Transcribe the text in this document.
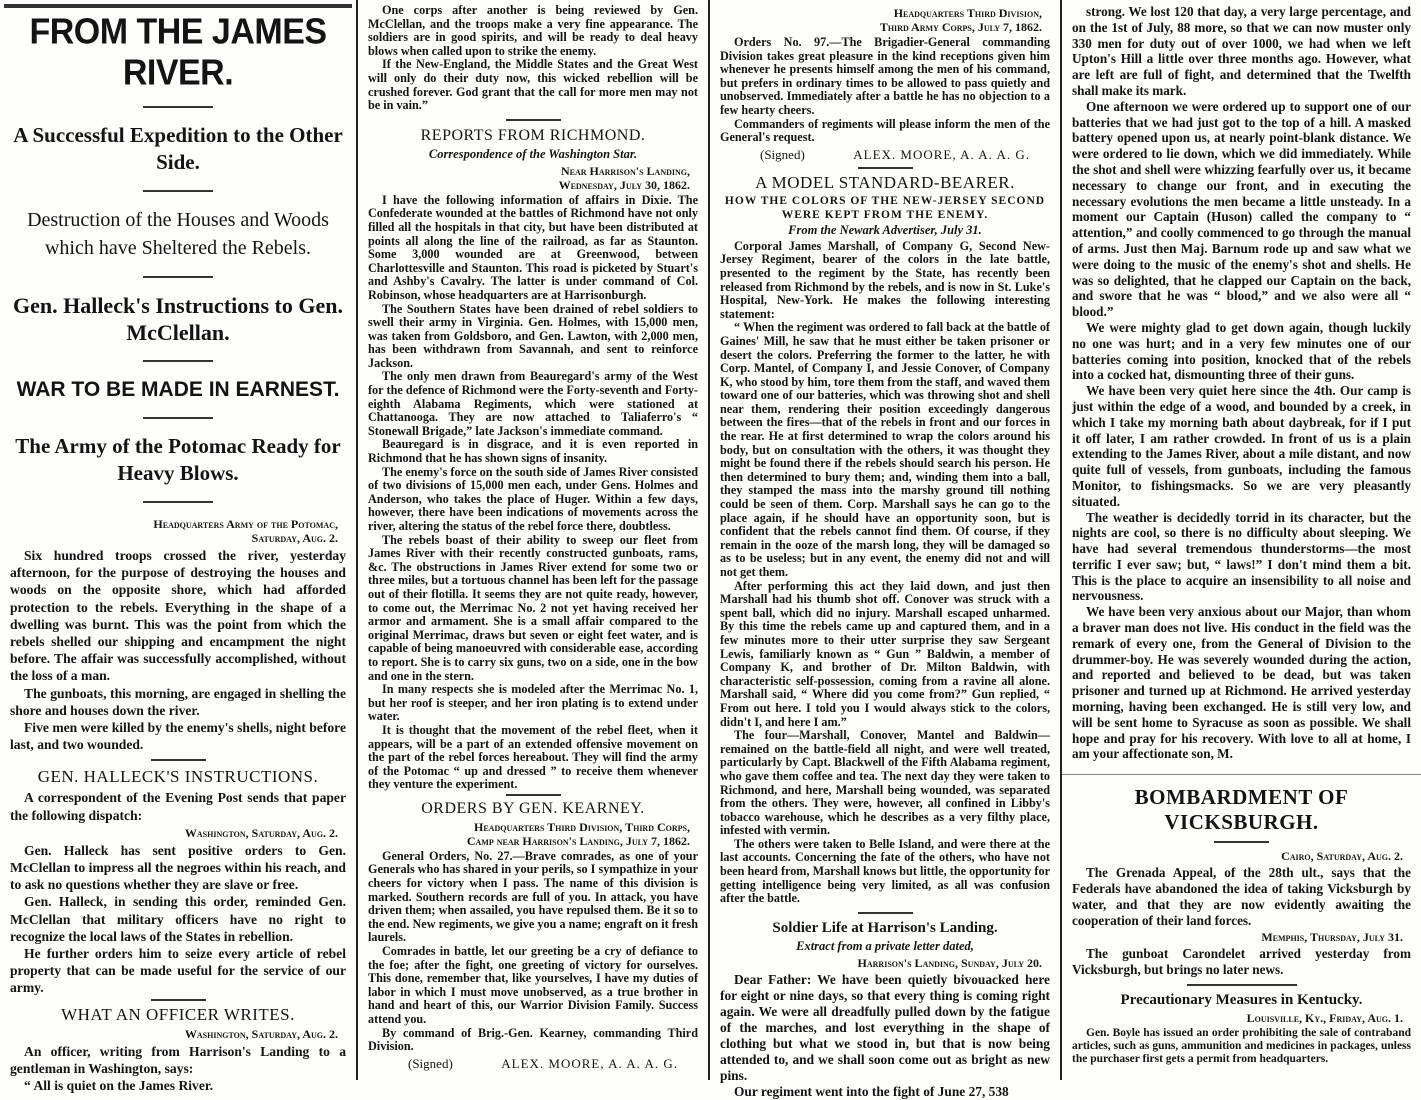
FROM THE JAMES RIVER.
A Successful Expedition to the Other Side.
Destruction of the Houses and Woods which have Sheltered the Rebels.
Gen. Halleck's Instructions to Gen. McClellan.
WAR TO BE MADE IN EARNEST.
The Army of the Potomac Ready for Heavy Blows.
Headquarters Army of the Potomac,
Saturday, Aug. 2.

Six hundred troops crossed the river, yesterday afternoon, for the purpose of destroying the houses and woods on the opposite shore, which had afforded protection to the rebels. Everything in the shape of a dwelling was burnt. This was the point from which the rebels shelled our shipping and encampment the night before. The affair was successfully accomplished, without the loss of a man.

The gunboats, this morning, are engaged in shelling the shore and houses down the river.

Five men were killed by the enemy's shells, night before last, and two wounded.

GEN. HALLECK'S INSTRUCTIONS.

A correspondent of the Evening Post sends that paper the following dispatch:

Washington, Saturday, Aug. 2.

Gen. Halleck has sent positive orders to Gen. McClellan to impress all the negroes within his reach, and to ask no questions whether they are slave or free.

Gen. Halleck, in sending this order, reminded Gen. McClellan that military officers have no right to recognize the local laws of the States in rebellion.

He further orders him to seize every article of rebel property that can be made useful for the service of our army.

WHAT AN OFFICER WRITES.
Washington, Saturday, Aug. 2.

An officer, writing from Harrison's Landing to a gentleman in Washington, says:

“ All is quiet on the James River.

One corps after another is being reviewed by Gen. McClellan, and the troops make a very fine appearance. The soldiers are in good spirits, and will be ready to deal heavy blows when called upon to strike the enemy.

If the New-England, the Middle States and the Great West will only do their duty now, this wicked rebellion will be crushed forever. God grant that the call for more men may not be in vain.”

REPORTS FROM RICHMOND.
Correspondence of the Washington Star.
Near Harrison's Landing,
Wednesday, July 30, 1862.

I have the following information of affairs in Dixie. The Confederate wounded at the battles of Richmond have not only filled all the hospitals in that city, but have been distributed at points all along the line of the railroad, as far as Staunton. Some 3,000 wounded are at Greenwood, between Charlottesville and Staunton. This road is picketed by Stuart's and Ashby's Cavalry. The latter is under command of Col. Robinson, whose headquarters are at Harrisonburgh.

The Southern States have been drained of rebel soldiers to swell their army in Virginia. Gen. Holmes, with 15,000 men, was taken from Goldsboro, and Gen. Lawton, with 2,000 men, has been withdrawn from Savannah, and sent to reinforce Jackson.

The only men drawn from Beauregard's army of the West for the defence of Richmond were the Forty-seventh and Forty-eighth Alabama Regiments, which were stationed at Chattanooga. They are now attached to Taliaferro's “ Stonewall Brigade,” late Jackson's immediate command.

Beauregard is in disgrace, and it is even reported in Richmond that he has shown signs of insanity.

The enemy's force on the south side of James River consisted of two divisions of 15,000 men each, under Gens. Holmes and Anderson, who takes the place of Huger. Within a few days, however, there have been indications of movements across the river, altering the status of the rebel force there, doubtless.

The rebels boast of their ability to sweep our fleet from James River with their recently constructed gunboats, rams, &c. The obstructions in James River extend for some two or three miles, but a tortuous channel has been left for the passage out of their flotilla. It seems they are not quite ready, however, to come out, the Merrimac No. 2 not yet having received her armor and armament. She is a small affair compared to the original Merrimac, draws but seven or eight feet water, and is capable of being manoeuvred with considerable ease, according to report. She is to carry six guns, two on a side, one in the bow and one in the stern.

In many respects she is modeled after the Merrimac No. 1, but her roof is steeper, and her iron plating is to extend under water.

It is thought that the movement of the rebel fleet, when it appears, will be a part of an extended offensive movement on the part of the rebel forces hereabout. They will find the army of the Potomac “ up and dressed ” to receive them whenever they venture the experiment.

ORDERS BY GEN. KEARNEY.
Headquarters Third Division, Third Corps,
Camp near Harrison's Landing, July 7, 1862.

General Orders, No. 27.—Brave comrades, as one of your Generals who has shared in your perils, so I sympathize in your cheers for victory when I pass. The name of this division is marked. Southern records are full of you. In attack, you have driven them; when assailed, you have repulsed them. Be it so to the end. New regiments, we give you a name; engraft on it fresh laurels.

Comrades in battle, let our greeting be a cry of defiance to the foe; after the fight, one greeting of victory for ourselves. This done, remember that, like yourselves, I have my duties of labor in which I must move unobserved, as a true brother in hand and heart of this, our Warrior Division Family. Success attend you.

By command of Brig.-Gen. Kearney, commanding Third Division.

(Signed)	ALEX. MOORE, A. A. A. G.
Headquarters Third Division,
Third Army Corps, July 7, 1862.

Orders No. 97.—The Brigadier-General commanding Division takes great pleasure in the kind receptions given him whenever he presents himself among the men of his command, but prefers in ordinary times to be allowed to pass quietly and unobserved. Immediately after a battle he has no objection to a few hearty cheers.

Commanders of regiments will please inform the men of the General's request.

(Signed)	ALEX. MOORE, A. A. A. G.
A MODEL STANDARD-BEARER.
HOW THE COLORS OF THE NEW-JERSEY SECOND
WERE KEPT FROM THE ENEMY.
From the Newark Advertiser, July 31.

Corporal James Marshall, of Company G, Second New-Jersey Regiment, bearer of the colors in the late battle, presented to the regiment by the State, has recently been released from Richmond by the rebels, and is now in St. Luke's Hospital, New-York. He makes the following interesting statement:

“ When the regiment was ordered to fall back at the battle of Gaines' Mill, he saw that he must either be taken prisoner or desert the colors. Preferring the former to the latter, he with Corp. Mantel, of Company I, and Jessie Conover, of Company K, who stood by him, tore them from the staff, and waved them toward one of our batteries, which was throwing shot and shell near them, rendering their position exceedingly dangerous between the fires—that of the rebels in front and our forces in the rear. He at first determined to wrap the colors around his body, but on consultation with the others, it was thought they might be found there if the rebels should search his person. He then determined to bury them; and, winding them into a ball, they stamped the mass into the marshy ground till nothing could be seen of them. Corp. Marshall says he can go to the place again, if he should have an opportunity soon, but is confident that the rebels cannot find them. Of course, if they remain in the ooze of the marsh long, they will be damaged so as to be useless; but in any event, the enemy did not and will not get them.

After performing this act they laid down, and just then Marshall had his thumb shot off. Conover was struck with a spent ball, which did no injury. Marshall escaped unharmed. By this time the rebels came up and captured them, and in a few minutes more to their utter surprise they saw Sergeant Lewis, familiarly known as “ Gun ” Baldwin, a member of Company K, and brother of Dr. Milton Baldwin, with characteristic self-possession, coming from a ravine all alone. Marshall said, “ Where did you come from?” Gun replied, “ From out here. I told you I would always stick to the colors, didn't I, and here I am.”

The four—Marshall, Conover, Mantel and Baldwin—remained on the battle-field all night, and were well treated, particularly by Capt. Blackwell of the Fifth Alabama regiment, who gave them coffee and tea. The next day they were taken to Richmond, and here, Marshall being wounded, was separated from the others. They were, however, all confined in Libby's tobacco warehouse, which he describes as a very filthy place, infested with vermin.

The others were taken to Belle Island, and were there at the last accounts. Concerning the fate of the others, who have not been heard from, Marshall knows but little, the opportunity for getting intelligence being very limited, as all was confusion after the battle.

Soldier Life at Harrison's Landing.
Extract from a private letter dated,
Harrison's Landing, Sunday, July 20.

Dear Father: We have been quietly bivouacked here for eight or nine days, so that every thing is coming right again. We were all dreadfully pulled down by the fatigue of the marches, and lost everything in the shape of clothing but what we stood in, but that is now being attended to, and we shall soon come out as bright as new pins.

Our regiment went into the fight of June 27, 538

strong. We lost 120 that day, a very large percentage, and on the 1st of July, 88 more, so that we can now muster only 330 men for duty out of over 1000, we had when we left Upton's Hill a little over three months ago. However, what are left are full of fight, and determined that the Twelfth shall make its mark.

One afternoon we were ordered up to support one of our batteries that we had just got to the top of a hill. A masked battery opened upon us, at nearly point-blank distance. We were ordered to lie down, which we did immediately. While the shot and shell were whizzing fearfully over us, it became necessary to change our front, and in executing the necessary evolutions the men became a little unsteady. In a moment our Captain (Huson) called the company to “ attention,” and coolly commenced to go through the manual of arms. Just then Maj. Barnum rode up and saw what we were doing to the music of the enemy's shot and shells. He was so delighted, that he clapped our Captain on the back, and swore that he was “ blood,” and we also were all “ blood.”

We were mighty glad to get down again, though luckily no one was hurt; and in a very few minutes one of our batteries coming into position, knocked that of the rebels into a cocked hat, dismounting three of their guns.

We have been very quiet here since the 4th. Our camp is just within the edge of a wood, and bounded by a creek, in which I take my morning bath about daybreak, for if I put it off later, I am rather crowded. In front of us is a plain extending to the James River, about a mile distant, and now quite full of vessels, from gunboats, including the famous Monitor, to fishingsmacks. So we are very pleasantly situated.

The weather is decidedly torrid in its character, but the nights are cool, so there is no difficulty about sleeping. We have had several tremendous thunderstorms—the most terrific I ever saw; but, “ laws!” I don't mind them a bit. This is the place to acquire an insensibility to all noise and nervousness.

We have been very anxious about our Major, than whom a braver man does not live. His conduct in the field was the remark of every one, from the General of Division to the drummer-boy. He was severely wounded during the action, and reported and believed to be dead, but was taken prisoner and turned up at Richmond. He arrived yesterday morning, having been exchanged. He is still very low, and will be sent home to Syracuse as soon as possible. We shall hope and pray for his recovery. With love to all at home, I am your affectionate son, M.

BOMBARDMENT OF VICKSBURGH.
Cairo, Saturday, Aug. 2.

The Grenada Appeal, of the 28th ult., says that the Federals have abandoned the idea of taking Vicksburgh by water, and that they are now evidently awaiting the cooperation of their land forces.

Memphis, Thursday, July 31.

The gunboat Carondelet arrived yesterday from Vicksburgh, but brings no later news.

Precautionary Measures in Kentucky.
Louisville, Ky., Friday, Aug. 1.

Gen. Boyle has issued an order prohibiting the sale of contraband articles, such as guns, ammunition and medicines in packages, unless the purchaser first gets a permit from headquarters.
